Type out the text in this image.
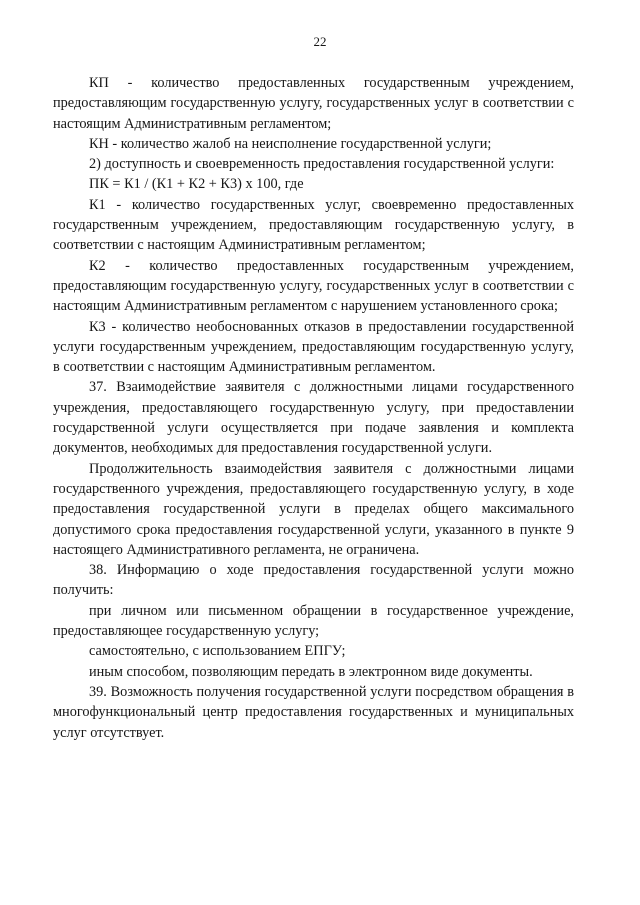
22

КП - количество предоставленных государственным учреждением, предоставляющим государственную услугу, государственных услуг в соответствии с настоящим Административным регламентом;

КН - количество жалоб на неисполнение государственной услуги;

2) доступность и своевременность предоставления государственной услуги:

ПК = К1 / (К1 + К2 + К3) х 100, где

К1 - количество государственных услуг, своевременно предоставленных государственным учреждением, предоставляющим государственную услугу, в соответствии с настоящим Административным регламентом;

К2 - количество предоставленных государственным учреждением, предоставляющим государственную услугу, государственных услуг в соответствии с настоящим Административным регламентом с нарушением установленного срока;

К3 - количество необоснованных отказов в предоставлении государственной услуги государственным учреждением, предоставляющим государственную услугу, в соответствии с настоящим Административным регламентом.

37. Взаимодействие заявителя с должностными лицами государственного учреждения, предоставляющего государственную услугу, при предоставлении государственной услуги осуществляется при подаче заявления и комплекта документов, необходимых для предоставления государственной услуги.

Продолжительность взаимодействия заявителя с должностными лицами государственного учреждения, предоставляющего государственную услугу, в ходе предоставления государственной услуги в пределах общего максимального допустимого срока предоставления государственной услуги, указанного в пункте 9 настоящего Административного регламента, не ограничена.

38. Информацию о ходе предоставления государственной услуги можно получить:

при личном или письменном обращении в государственное учреждение, предоставляющее государственную услугу;

самостоятельно, с использованием ЕПГУ;

иным способом, позволяющим передать в электронном виде документы.

39. Возможность получения государственной услуги посредством обращения в многофункциональный центр предоставления государственных и муниципальных услуг отсутствует.
